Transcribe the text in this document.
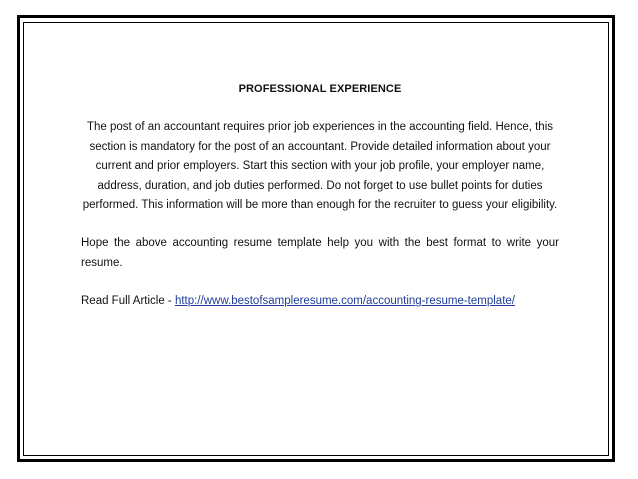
PROFESSIONAL EXPERIENCE

The post of an accountant requires prior job experiences in the accounting field. Hence, this section is mandatory for the post of an accountant. Provide detailed information about your current and prior employers. Start this section with your job profile, your employer name, address, duration, and job duties performed. Do not forget to use bullet points for duties performed. This information will be more than enough for the recruiter to guess your eligibility.

Hope the above accounting resume template help you with the best format to write your resume.

Read Full Article - http://www.bestofsampleresume.com/accounting-resume-template/
